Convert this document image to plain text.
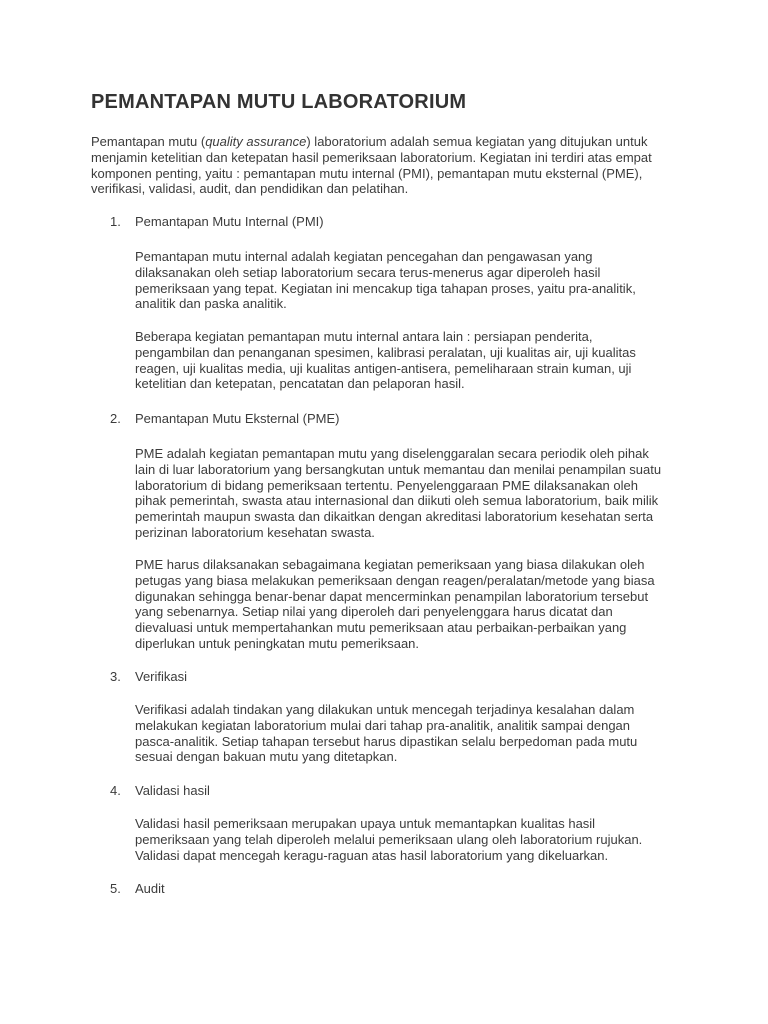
PEMANTAPAN MUTU LABORATORIUM

Pemantapan mutu (quality assurance) laboratorium adalah semua kegiatan yang ditujukan untuk
menjamin ketelitian dan ketepatan hasil pemeriksaan laboratorium. Kegiatan ini terdiri atas empat
komponen penting, yaitu : pemantapan mutu internal (PMI), pemantapan mutu eksternal (PME),
verifikasi, validasi, audit, dan pendidikan dan pelatihan.

1. Pemantapan Mutu Internal (PMI)

Pemantapan mutu internal adalah kegiatan pencegahan dan pengawasan yang
dilaksanakan oleh setiap laboratorium secara terus-menerus agar diperoleh hasil
pemeriksaan yang tepat. Kegiatan ini mencakup tiga tahapan proses, yaitu pra-analitik,
analitik dan paska analitik.

Beberapa kegiatan pemantapan mutu internal antara lain : persiapan penderita,
pengambilan dan penanganan spesimen, kalibrasi peralatan, uji kualitas air, uji kualitas
reagen, uji kualitas media, uji kualitas antigen-antisera, pemeliharaan strain kuman, uji
ketelitian dan ketepatan, pencatatan dan pelaporan hasil.

2. Pemantapan Mutu Eksternal (PME)

PME adalah kegiatan pemantapan mutu yang diselenggaralan secara periodik oleh pihak
lain di luar laboratorium yang bersangkutan untuk memantau dan menilai penampilan suatu
laboratorium di bidang pemeriksaan tertentu. Penyelenggaraan PME dilaksanakan oleh
pihak pemerintah, swasta atau internasional dan diikuti oleh semua laboratorium, baik milik
pemerintah maupun swasta dan dikaitkan dengan akreditasi laboratorium kesehatan serta
perizinan laboratorium kesehatan swasta.

PME harus dilaksanakan sebagaimana kegiatan pemeriksaan yang biasa dilakukan oleh
petugas yang biasa melakukan pemeriksaan dengan reagen/peralatan/metode yang biasa
digunakan sehingga benar-benar dapat mencerminkan penampilan laboratorium tersebut
yang sebenarnya. Setiap nilai yang diperoleh dari penyelenggara harus dicatat dan
dievaluasi untuk mempertahankan mutu pemeriksaan atau perbaikan-perbaikan yang
diperlukan untuk peningkatan mutu pemeriksaan.

3. Verifikasi

Verifikasi adalah tindakan yang dilakukan untuk mencegah terjadinya kesalahan dalam
melakukan kegiatan laboratorium mulai dari tahap pra-analitik, analitik sampai dengan
pasca-analitik. Setiap tahapan tersebut harus dipastikan selalu berpedoman pada mutu
sesuai dengan bakuan mutu yang ditetapkan.

4. Validasi hasil

Validasi hasil pemeriksaan merupakan upaya untuk memantapkan kualitas hasil
pemeriksaan yang telah diperoleh melalui pemeriksaan ulang oleh laboratorium rujukan.
Validasi dapat mencegah keragu-raguan atas hasil laboratorium yang dikeluarkan.

5. Audit
